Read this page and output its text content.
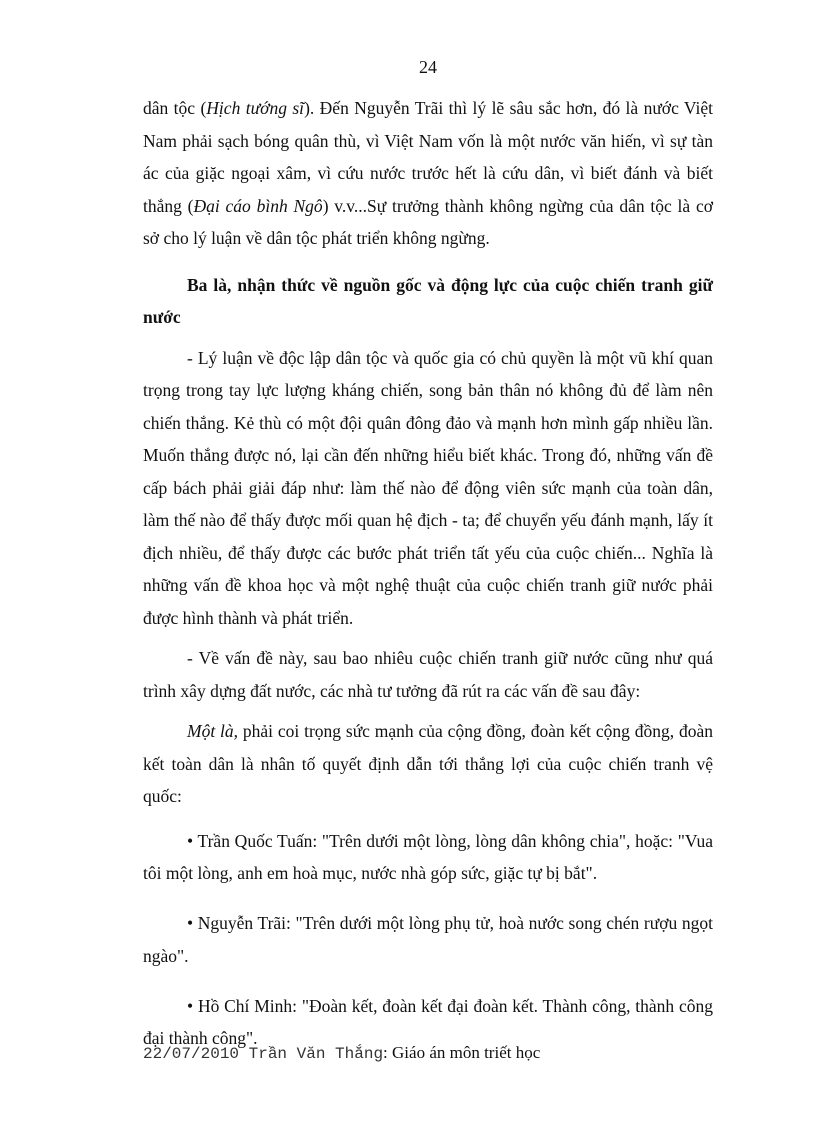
24

dân tộc (Hịch tướng sĩ). Đến Nguyễn Trãi thì lý lẽ sâu sắc hơn, đó là nước Việt Nam phải sạch bóng quân thù, vì Việt Nam vốn là một nước văn hiến, vì sự tàn ác của giặc ngoại xâm, vì cứu nước trước hết là cứu dân, vì biết đánh và biết thắng (Đại cáo bình Ngô) v.v...Sự trưởng thành không ngừng của dân tộc là cơ sở cho lý luận về dân tộc phát triển không ngừng.

Ba là, nhận thức về nguồn gốc và động lực của cuộc chiến tranh giữ nước

- Lý luận về độc lập dân tộc và quốc gia có chủ quyền là một vũ khí quan trọng trong tay lực lượng kháng chiến, song bản thân nó không đủ để làm nên chiến thắng. Kẻ thù có một đội quân đông đảo và mạnh hơn mình gấp nhiều lần. Muốn thắng được nó, lại cần đến những hiểu biết khác. Trong đó, những vấn đề cấp bách phải giải đáp như: làm thế nào để động viên sức mạnh của toàn dân, làm thế nào để thấy được mối quan hệ địch - ta; để chuyển yếu đánh mạnh, lấy ít địch nhiều, để thấy được các bước phát triển tất yếu của cuộc chiến... Nghĩa là những vấn đề khoa học và một nghệ thuật của cuộc chiến tranh giữ nước phải được hình thành và phát triển.

- Về vấn đề này, sau bao nhiêu cuộc chiến tranh giữ nước cũng như quá trình xây dựng đất nước, các nhà tư tưởng đã rút ra các vấn đề sau đây:

Một là, phải coi trọng sức mạnh của cộng đồng, đoàn kết cộng đồng, đoàn kết toàn dân là nhân tố quyết định dẫn tới thắng lợi của cuộc chiến tranh vệ quốc:

• Trần Quốc Tuấn: "Trên dưới một lòng, lòng dân không chia", hoặc: "Vua tôi một lòng, anh em hoà mục, nước nhà góp sức, giặc tự bị bắt".

• Nguyễn Trãi: "Trên dưới một lòng phụ tử, hoà nước song chén rượu ngọt ngào".

• Hồ Chí Minh: "Đoàn kết, đoàn kết đại đoàn kết. Thành công, thành công đại thành công".

22/07/2010 Trần Văn Thắng: Giáo án môn triết học
